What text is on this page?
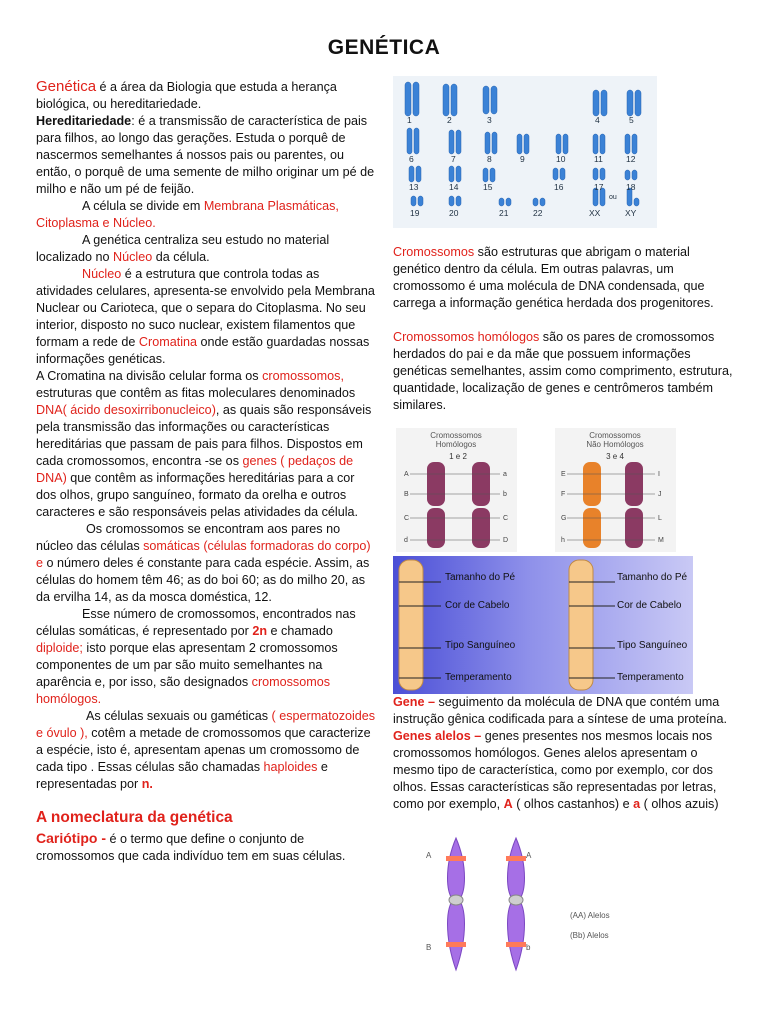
GENÉTICA

Genética é a área da Biologia que estuda a herança biológica, ou hereditariedade.

Hereditariedade: é a transmissão de característica de pais para filhos, ao longo das gerações. Estuda o porquê de nascermos semelhantes á nossos pais ou parentes, ou então, o porquê de uma semente de milho originar um pé de milho e não um pé de feijão.

A célula se divide em Membrana Plasmáticas, Citoplasma e Núcleo.

A genética centraliza seu estudo no material localizado no Núcleo da célula.

Núcleo é a estrutura que controla todas as atividades celulares, apresenta-se envolvido pela Membrana Nuclear ou Carioteca, que o separa do Citoplasma. No seu interior, disposto no suco nuclear, existem filamentos que formam a rede de Cromatina onde estão guardadas nossas informações genéticas.

A Cromatina na divisão celular forma os cromossomos, estruturas que contêm as fitas moleculares denominados DNA( ácido desoxirribonucleico), as quais são responsáveis pela transmissão das informações ou características hereditárias que passam de pais para filhos. Dispostos em cada cromossomos, encontra -se os genes ( pedaços de DNA) que contêm as informações hereditárias para a cor dos olhos, grupo sanguíneo, formato da orelha e outros caracteres e são responsáveis pelas atividades da célula.

Os cromossomos se encontram aos pares no núcleo das células somáticas (células formadoras do corpo) e o número deles é constante para cada espécie. Assim, as células do homem têm 46; as do boi 60; as do milho 20, as da ervilha 14, as da mosca doméstica, 12.

Esse número de cromossomos, encontrados nas células somáticas, é representado por 2n e chamado diploide; isto porque elas apresentam 2 cromossomos componentes de um par são muito semelhantes na aparência e, por isso, são designados cromossomos homólogos.

As células sexuais ou gaméticas ( espermatozoides e óvulo ), cotêm a metade de cromossomos que caracterize a espécie, isto é, apresentam apenas um cromossomo de cada tipo . Essas células são chamadas haploides e representadas por n.

A nomeclatura da genética

Cariótipo - é o termo que define o conjunto de cromossomos que cada indivíduo tem em suas células.

1	2	3	4	5
6	7	8	9	10	11	12
13	14	15	16	17	18
19	20	21	22	XX	XY
ou

Cromossomos são estruturas que abrigam o material genético dentro da célula. Em outras palavras, um cromossomo é uma molécula de DNA condensada, que carrega a informação genética herdada dos progenitores.

Cromossomos homólogos são os pares de cromossomos herdados do pai e da mãe que possuem informações genéticas semelhantes, assim como comprimento, estrutura, quantidade, localização de genes e centrômeros também similares.

Cromossomos
Homólogos
1 e 2
A
B
C
d
a
b
C
D
Cromossomos
Não Homólogos
3 e 4
E
F
G
h
I
J
L
M
Tamanho do Pé
Cor de Cabelo
Tipo Sanguíneo
Temperamento
Tamanho do Pé
Cor de Cabelo
Tipo Sanguíneo
Temperamento

Gene – seguimento da molécula de DNA que contém uma instrução gênica codificada para a síntese de uma proteína.

Genes alelos – genes presentes nos mesmos locais nos cromossomos homólogos. Genes alelos apresentam o mesmo tipo de característica, como por exemplo, cor dos olhos. Essas características são representadas por letras, como por exemplo, A ( olhos castanhos) e a ( olhos azuis)

A	A
B	b
(AA) Alelos
(Bb) Alelos
